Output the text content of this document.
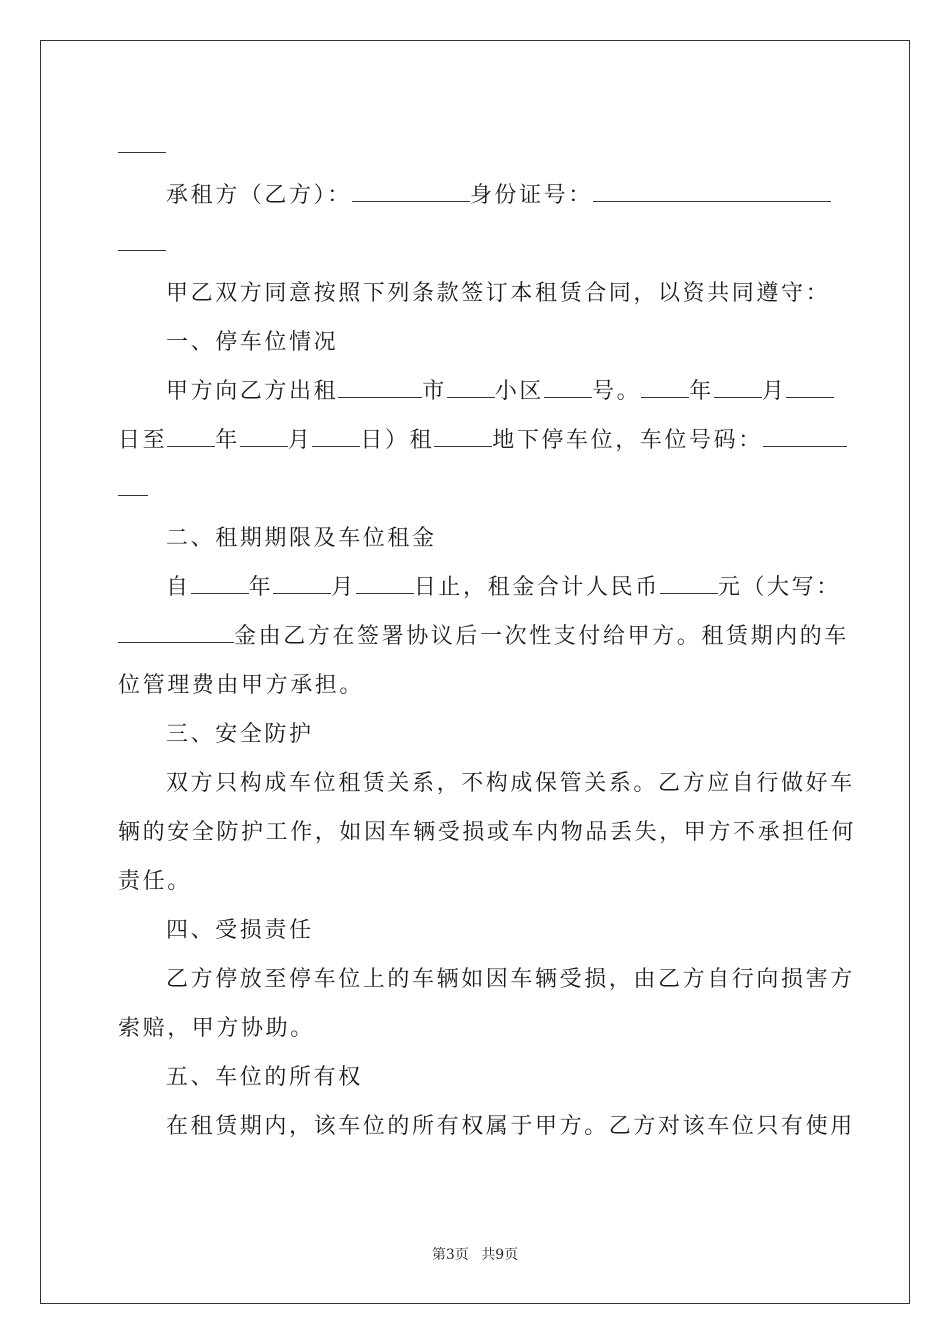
承租方（乙方）：	身份证号：
甲乙双方同意按照下列条款签订本租赁合同，以资共同遵守：
一、停车位情况
甲方向乙方出租	市 小区 号。 年 月
日至 年 月 日）租	地下停车位，车位号码：
二、租期期限及车位租金
自	年	月	日止，租金合计人民币	元（大写：
金由乙方在签署协议后一次性支付给甲方。租赁期内的车
位管理费由甲方承担。
三、安全防护
双方只构成车位租赁关系，不构成保管关系。乙方应自行做好车
辆的安全防护工作，如因车辆受损或车内物品丢失，甲方不承担任何
责任。
四、受损责任
乙方停放至停车位上的车辆如因车辆受损，由乙方自行向损害方
索赔，甲方协助。
五、车位的所有权
在租赁期内，该车位的所有权属于甲方。乙方对该车位只有使用
第3页 共9页
